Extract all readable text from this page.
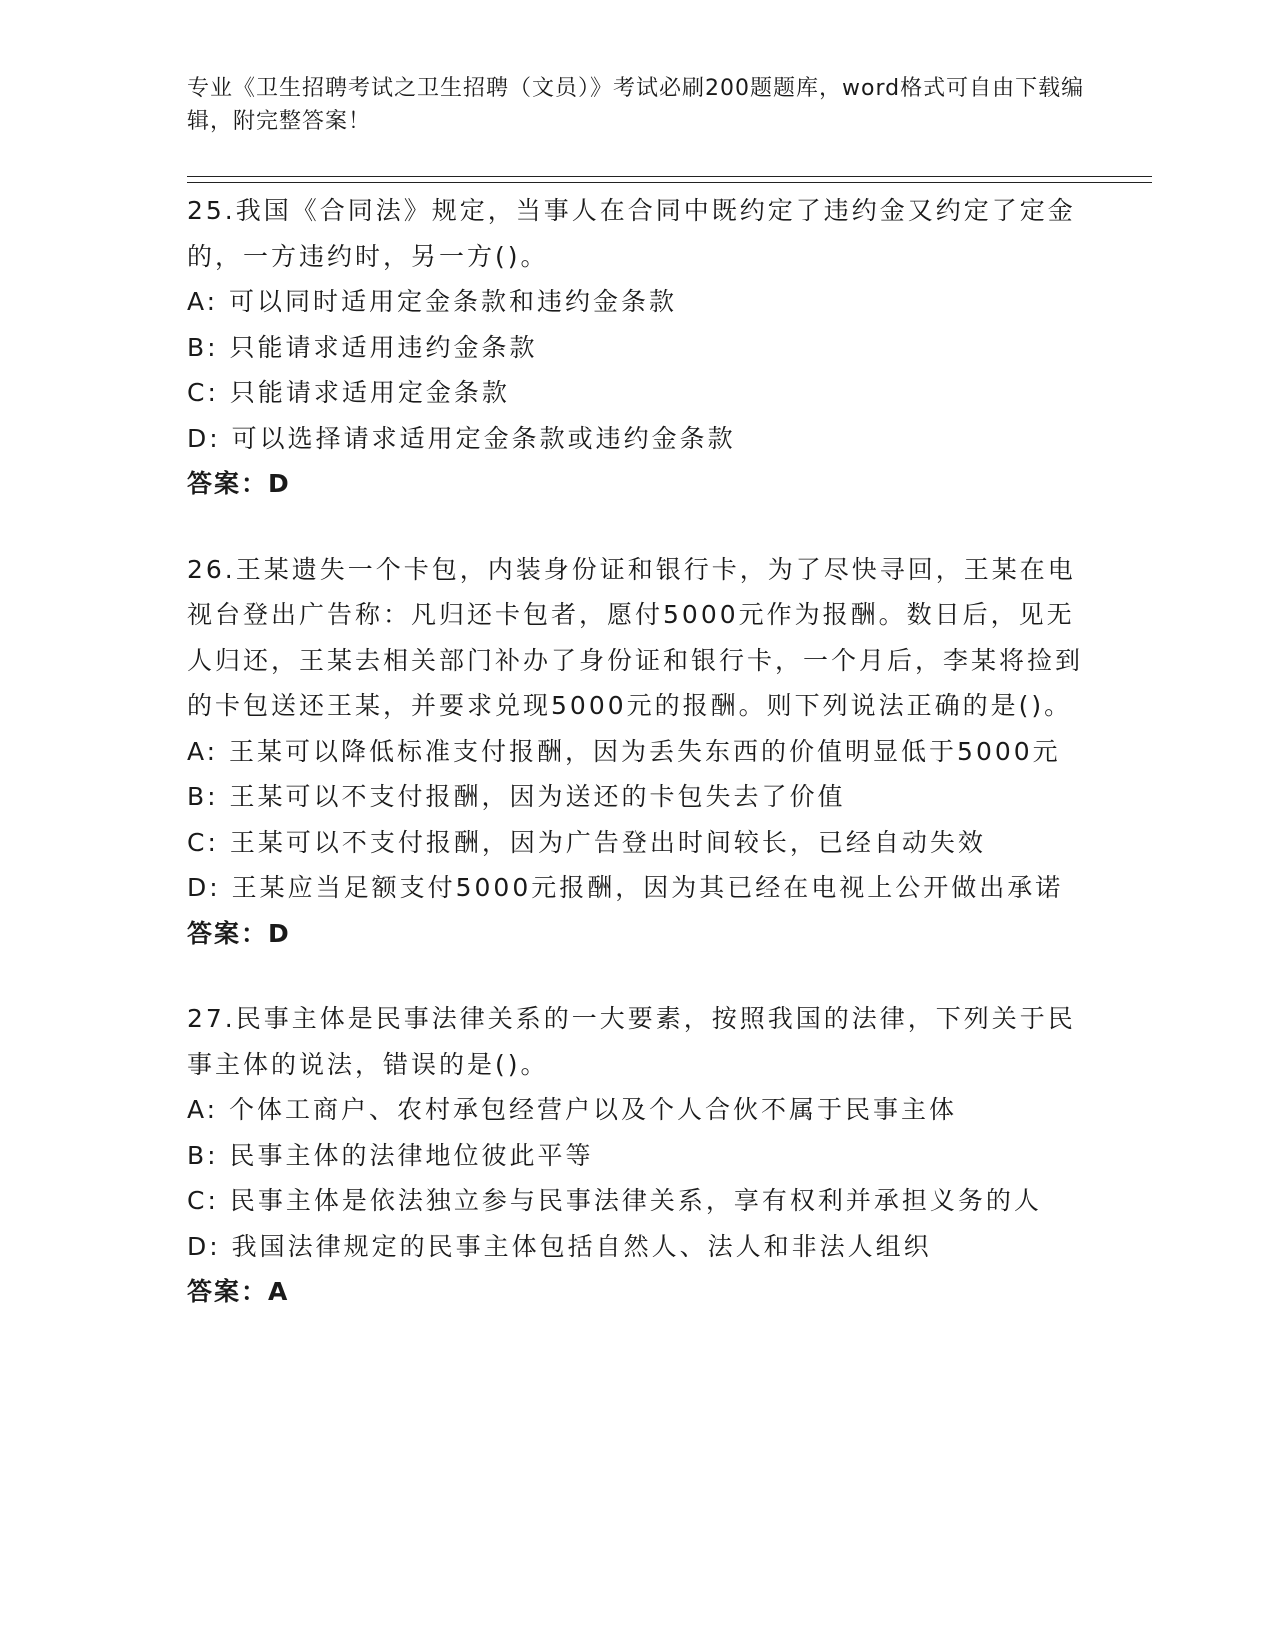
专业《卫生招聘考试之卫生招聘（文员）》考试必刷200题题库，word格式可自由下载编辑，附完整答案！

25.我国《合同法》规定，当事人在合同中既约定了违约金又约定了定金的，一方违约时，另一方()。

A: 可以同时适用定金条款和违约金条款

B: 只能请求适用违约金条款

C: 只能请求适用定金条款

D: 可以选择请求适用定金条款或违约金条款

答案：D

26.王某遗失一个卡包，内装身份证和银行卡，为了尽快寻回，王某在电视台登出广告称：凡归还卡包者，愿付5000元作为报酬。数日后，见无人归还，王某去相关部门补办了身份证和银行卡，一个月后，李某将捡到的卡包送还王某，并要求兑现5000元的报酬。则下列说法正确的是()。

A: 王某可以降低标准支付报酬，因为丢失东西的价值明显低于5000元

B: 王某可以不支付报酬，因为送还的卡包失去了价值

C: 王某可以不支付报酬，因为广告登出时间较长，已经自动失效

D: 王某应当足额支付5000元报酬，因为其已经在电视上公开做出承诺

答案：D

27.民事主体是民事法律关系的一大要素，按照我国的法律，下列关于民事主体的说法，错误的是()。

A: 个体工商户、农村承包经营户以及个人合伙不属于民事主体

B: 民事主体的法律地位彼此平等

C: 民事主体是依法独立参与民事法律关系，享有权利并承担义务的人

D: 我国法律规定的民事主体包括自然人、法人和非法人组织

答案：A
